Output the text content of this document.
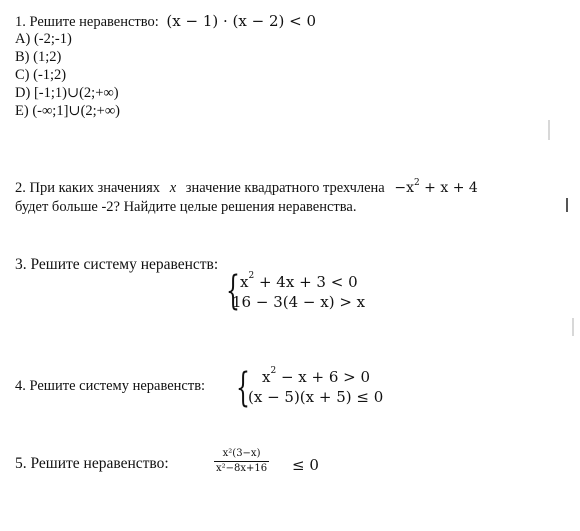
1. Решите неравенство: (x − 1) · (x − 2) < 0
A) (-2;-1)
B) (1;2)
C) (-1;2)
D) [-1;1)∪(2;+∞)
E) (-∞;1]∪(2;+∞)
2. При каких значениях x значение квадратного трехчлена $-x^2 + x + 4$
будет больше -2? Найдите целые решения неравенства.
3. Решите систему неравенств:
{ $x^2 + 4x + 3 < 0$
16 − 3(4 − x) > x
4. Решите систему неравенств: { $x^2 - x + 6 > 0$
(x − 5)(x + 5) ≤ 0
5. Решите неравенство:
x²(3−x)
x²−8x+16 ≤ 0
